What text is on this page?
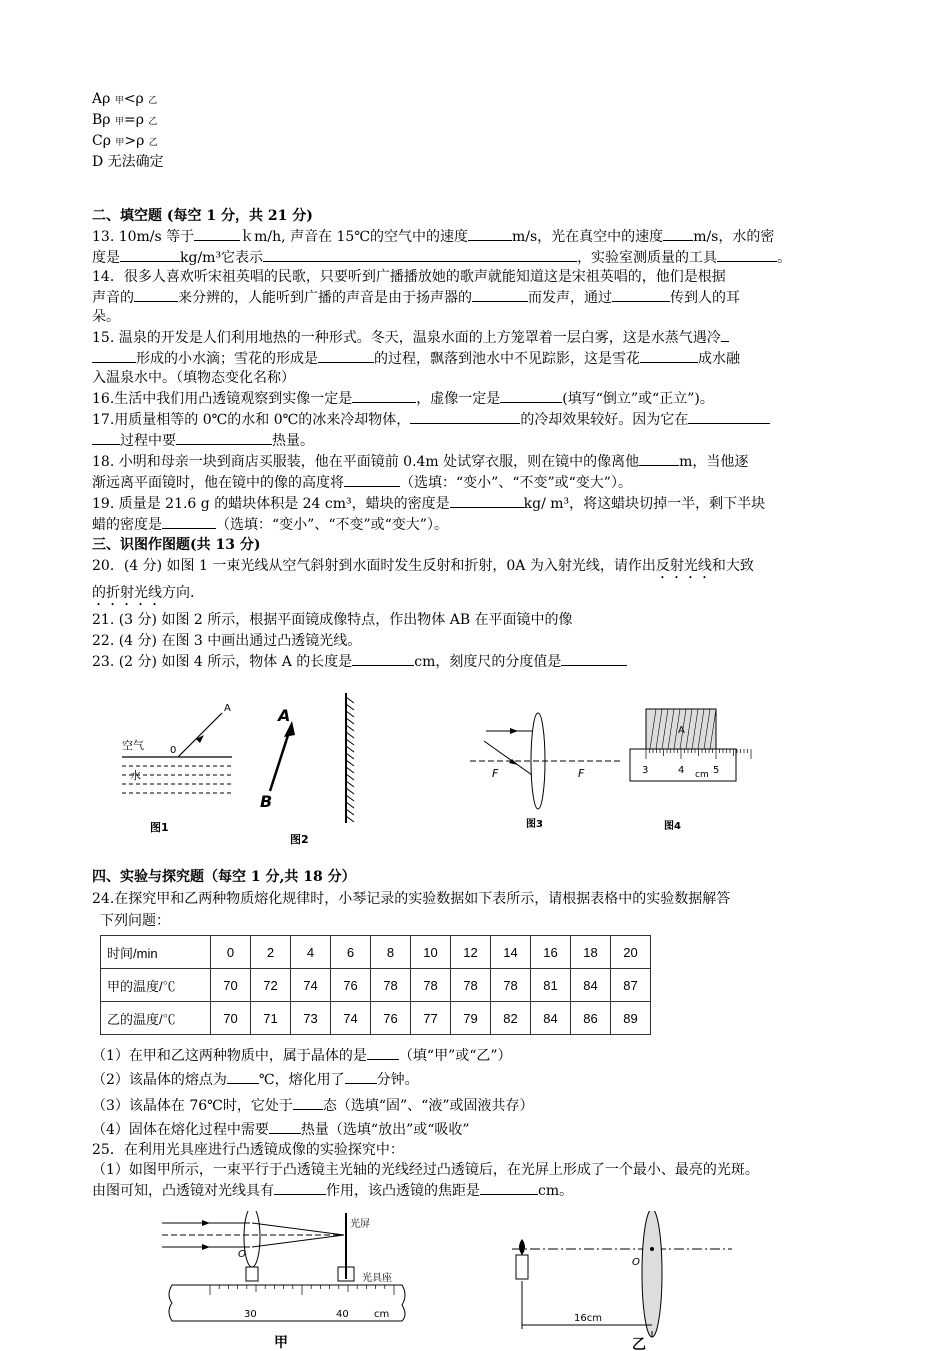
Aρ 甲<ρ 乙
Bρ 甲=ρ 乙
Cρ 甲>ρ 乙
D 无法确定
二、填空题 (每空 1 分，共 21 分)
13. 10m/s 等于	ｋm/h, 声音在 15℃的空气中的速度	m/s，光在真空中的速度 m/s，水的密
度是	kg/m³它表示	，实验室测质量的工具	。
14．很多人喜欢听宋祖英唱的民歌，只要听到广播播放她的歌声就能知道这是宋祖英唱的，他们是根据
声音的	来分辨的，人能听到广播的声音是由于扬声器的	而发声，通过	传到人的耳
朵。
15. 温泉的开发是人们利用地热的一种形式。冬天，温泉水面的上方笼罩着一层白雾，这是水蒸气遇冷
形成的小水滴；雪花的形成是	的过程，飘落到池水中不见踪影，这是雪花	成水融
入温泉水中。（填物态变化名称）
16.生活中我们用凸透镜观察到实像一定是	，虚像一定是	(填写“倒立”或“正立”)。
17.用质量相等的 0℃的水和 0℃的冰来冷却物体，	的冷却效果较好。因为它在
过程中要	热量。
18. 小明和母亲一块到商店买服装，他在平面镜前 0.4m 处试穿衣服，则在镜中的像离他	m，当他逐
渐远离平面镜时，他在镜中的像的高度将	（选填：“变小”、“不变”或“变大”）。
19. 质量是 21.6 g 的蜡块体积是 24 cm³，蜡块的密度是	kg/ m³，将这蜡块切掉一半，剩下半块
蜡的密度是	（选填：“变小”、“不变”或“变大”）。
三、识图作图题(共 13 分)
20．(4 分) 如图 1 一束光线从空气斜射到水面时发生反射和折射，0A 为入射光线，请作出反射光线和大致
的折射光线方向.
21. (3 分) 如图 2 所示，根据平面镜成像特点，作出物体 AB 在平面镜中的像
22. (4 分) 在图 3 中画出通过凸透镜光线。
23. (2 分) 如图 4 所示，物体 A 的长度是	cm，刻度尺的分度值是
空气
水
0
A
图1
A
B
图2
F	F
图3
A
3	4	5
cm
图4
四、实验与探究题（每空 1 分,共 18 分）
24.在探究甲和乙两种物质熔化规律时，小琴记录的实验数据如下表所示，请根据表格中的实验数据解答
下列问题：
时间/min	0	2	4	6	8	10	12	14	16	18	20
甲的温度/℃	70	72	74	76	78	78	78	78	81	84	87
乙的温度/℃	70	71	73	74	76	77	79	82	84	86	89
（1）在甲和乙这两种物质中，属于晶体的是 （填“甲”或“乙”）
（2）该晶体的熔点为 ℃，熔化用了 分钟。
（3）该晶体在 76℃时，它处于 态（选填“固”、“液”或固液共存）
（4）固体在熔化过程中需要 热量（选填“放出”或“吸收”
25．在利用光具座进行凸透镜成像的实验探究中：
（1）如图甲所示，一束平行于凸透镜主光轴的光线经过凸透镜后，在光屏上形成了一个最小、最亮的光斑。
由图可知，凸透镜对光线具有	作用，该凸透镜的焦距是	cm。
光屏
O
光具座
30	40	cm
甲
O
16cm
乙
